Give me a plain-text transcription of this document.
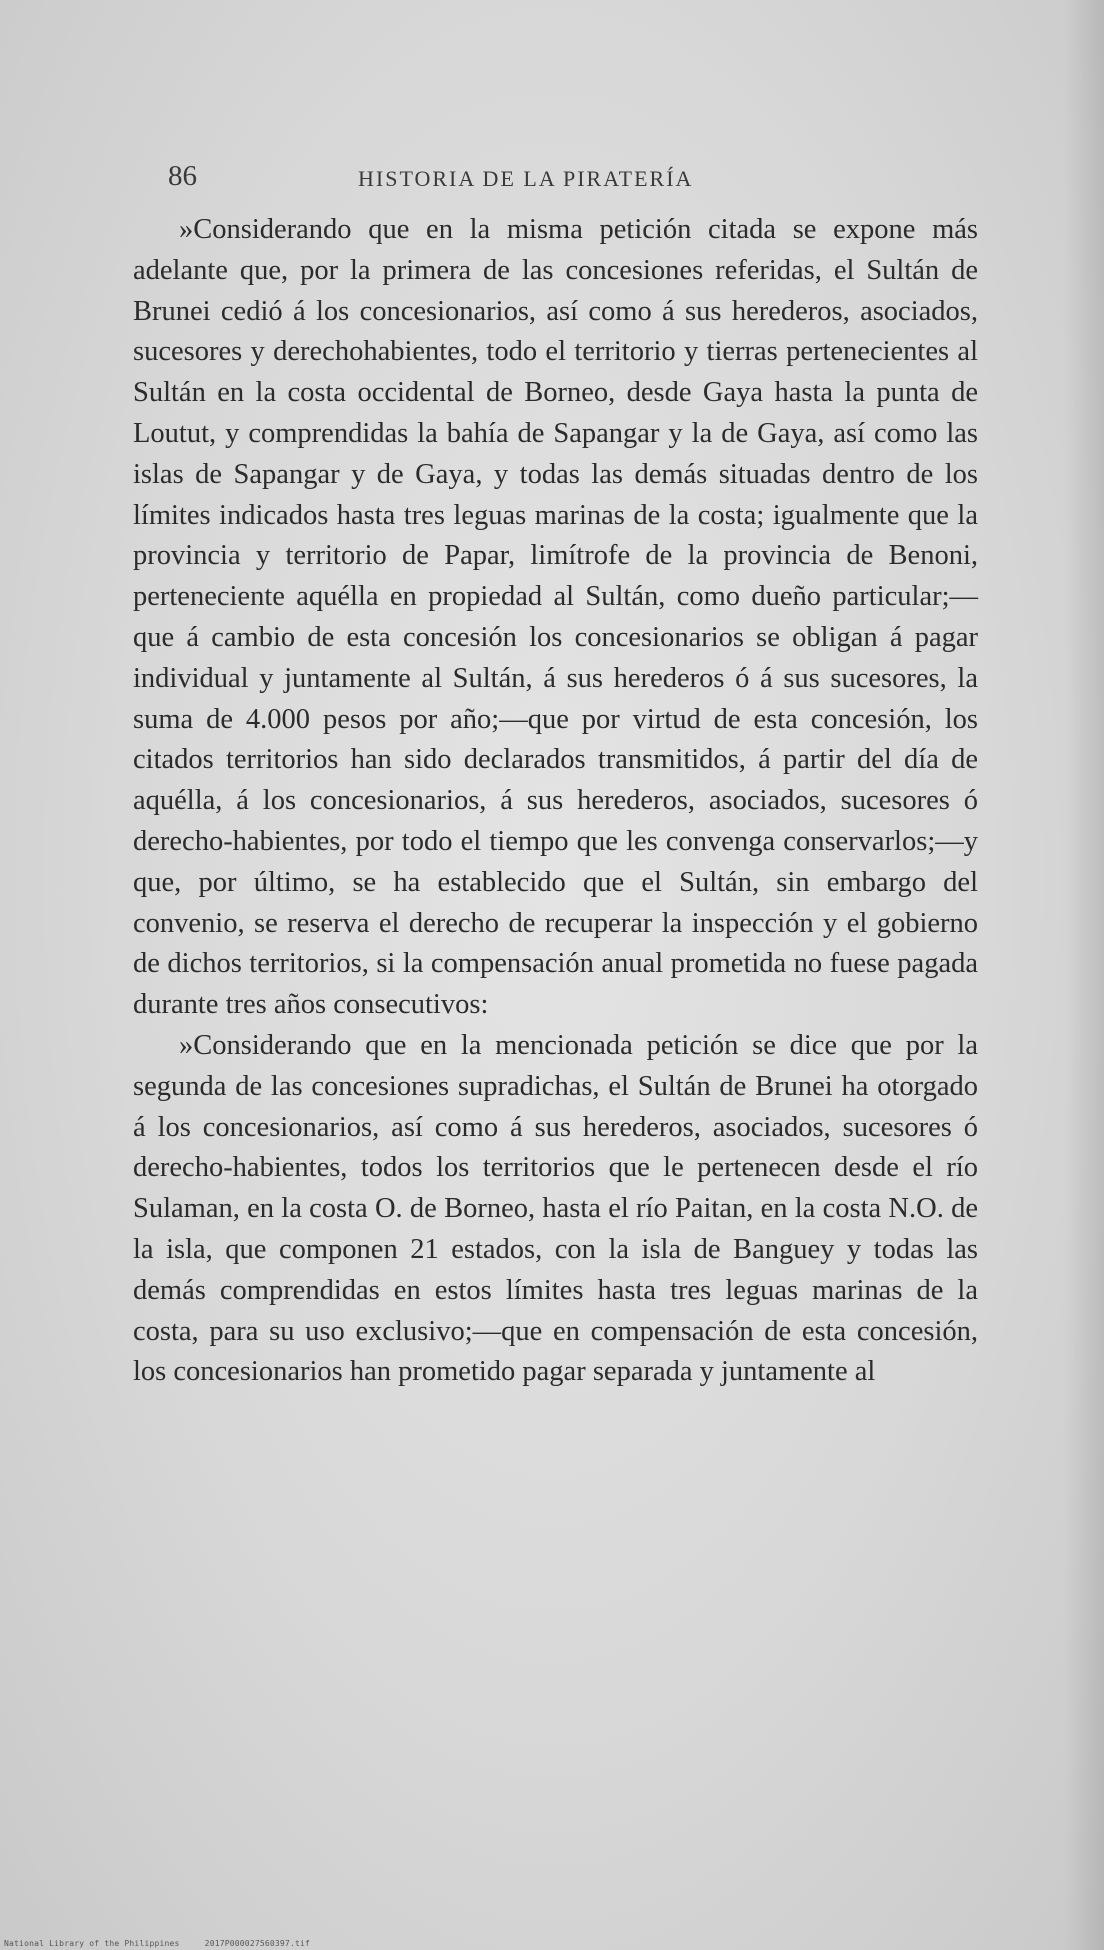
86	HISTORIA DE LA PIRATERÍA

»Considerando que en la misma petición citada se expone más adelante que, por la primera de las concesiones referidas, el Sultán de Brunei cedió á los concesionarios, así como á sus herederos, asociados, sucesores y derechohabientes, todo el territorio y tierras pertenecientes al Sultán en la costa occidental de Borneo, desde Gaya hasta la punta de Loutut, y comprendidas la bahía de Sapangar y la de Gaya, así como las islas de Sapangar y de Gaya, y todas las demás situadas dentro de los límites indicados hasta tres leguas marinas de la costa; igualmente que la provincia y territorio de Papar, limítrofe de la provincia de Benoni, perteneciente aquélla en propiedad al Sultán, como dueño particular;—que á cambio de esta concesión los concesionarios se obligan á pagar individual y juntamente al Sultán, á sus herederos ó á sus sucesores, la suma de 4.000 pesos por año;—que por virtud de esta concesión, los citados territorios han sido declarados transmitidos, á partir del día de aquélla, á los concesionarios, á sus herederos, asociados, sucesores ó derecho-habientes, por todo el tiempo que les convenga conservarlos;—y que, por último, se ha establecido que el Sultán, sin embargo del convenio, se reserva el derecho de recuperar la inspección y el gobierno de dichos territorios, si la compensación anual prometida no fuese pagada durante tres años consecutivos:

»Considerando que en la mencionada petición se dice que por la segunda de las concesiones supradichas, el Sultán de Brunei ha otorgado á los concesionarios, así como á sus herederos, asociados, sucesores ó derecho-habientes, todos los territorios que le pertenecen desde el río Sulaman, en la costa O. de Borneo, hasta el río Paitan, en la costa N.O. de la isla, que componen 21 estados, con la isla de Banguey y todas las demás comprendidas en estos límites hasta tres leguas marinas de la costa, para su uso exclusivo;—que en compensación de esta concesión, los concesionarios han prometido pagar separada y juntamente al

National Library of the Philippines	2017P000027560397.tif
